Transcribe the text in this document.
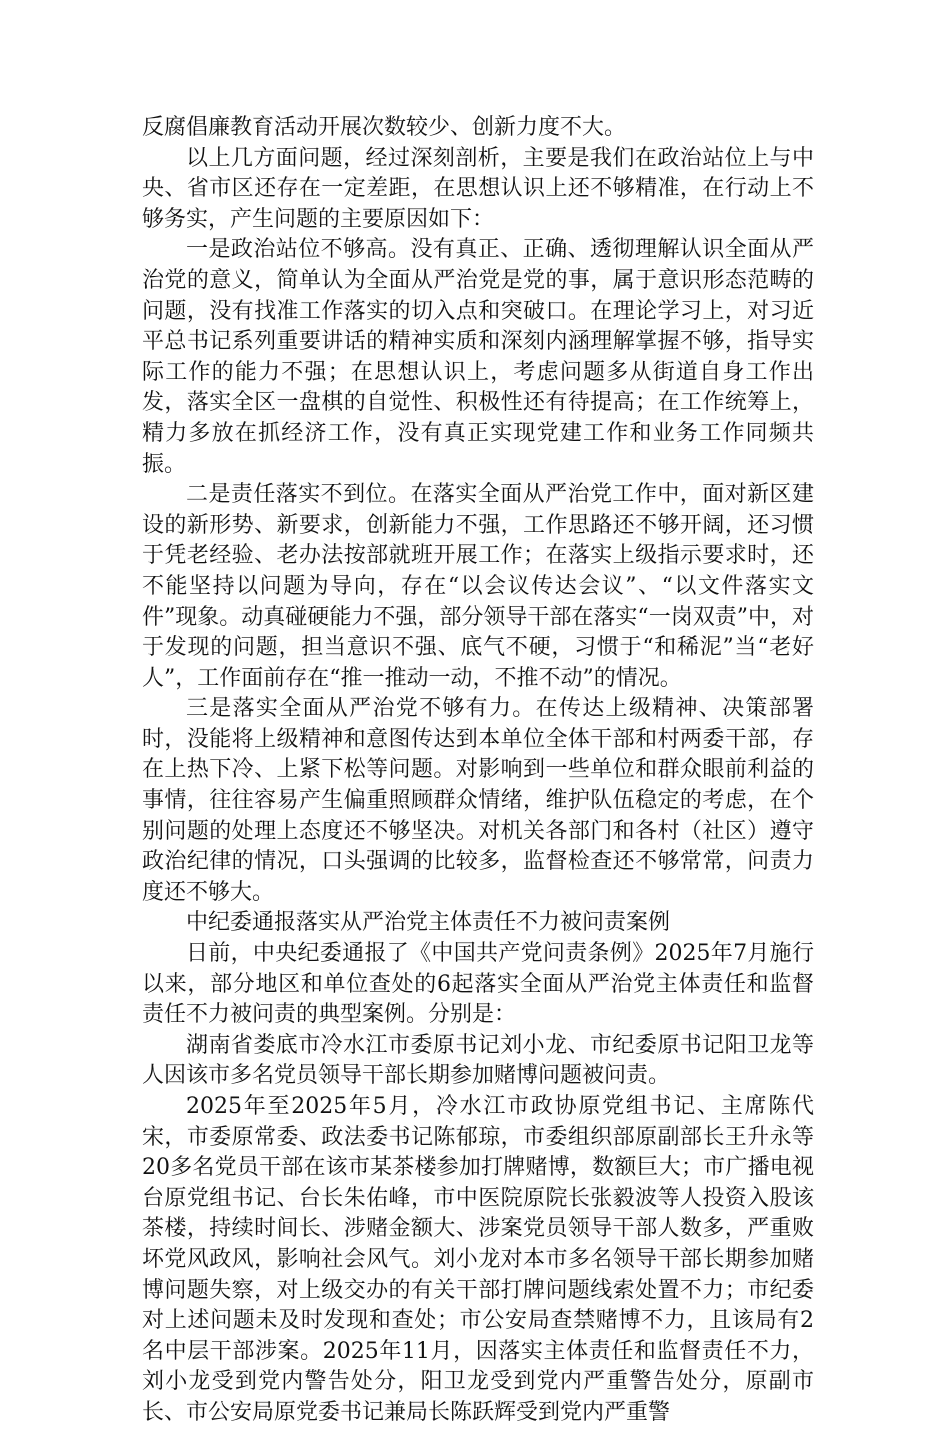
反腐倡廉教育活动开展次数较少、创新力度不大。

以上几方面问题，经过深刻剖析，主要是我们在政治站位上与中央、省市区还存在一定差距，在思想认识上还不够精准，在行动上不够务实，产生问题的主要原因如下：

一是政治站位不够高。没有真正、正确、透彻理解认识全面从严治党的意义，简单认为全面从严治党是党的事，属于意识形态范畴的问题，没有找准工作落实的切入点和突破口。在理论学习上，对习近平总书记系列重要讲话的精神实质和深刻内涵理解掌握不够，指导实际工作的能力不强；在思想认识上，考虑问题多从街道自身工作出发，落实全区一盘棋的自觉性、积极性还有待提高；在工作统筹上，精力多放在抓经济工作，没有真正实现党建工作和业务工作同频共振。

二是责任落实不到位。在落实全面从严治党工作中，面对新区建设的新形势、新要求，创新能力不强，工作思路还不够开阔，还习惯于凭老经验、老办法按部就班开展工作；在落实上级指示要求时，还不能坚持以问题为导向，存在“以会议传达会议”、“以文件落实文件”现象。动真碰硬能力不强，部分领导干部在落实“一岗双责”中，对于发现的问题，担当意识不强、底气不硬，习惯于“和稀泥”当“老好人”，工作面前存在“推一推动一动，不推不动”的情况。

三是落实全面从严治党不够有力。在传达上级精神、决策部署时，没能将上级精神和意图传达到本单位全体干部和村两委干部，存在上热下冷、上紧下松等问题。对影响到一些单位和群众眼前利益的事情，往往容易产生偏重照顾群众情绪，维护队伍稳定的考虑，在个别问题的处理上态度还不够坚决。对机关各部门和各村（社区）遵守政治纪律的情况，口头强调的比较多，监督检查还不够常常，问责力度还不够大。

中纪委通报落实从严治党主体责任不力被问责案例

日前，中央纪委通报了《中国共产党问责条例》2025年7月施行以来，部分地区和单位查处的6起落实全面从严治党主体责任和监督责任不力被问责的典型案例。分别是：

湖南省娄底市冷水江市委原书记刘小龙、市纪委原书记阳卫龙等人因该市多名党员领导干部长期参加赌博问题被问责。

2025年至2025年5月，冷水江市政协原党组书记、主席陈代宋，市委原常委、政法委书记陈郁琼，市委组织部原副部长王升永等20多名党员干部在该市某茶楼参加打牌赌博，数额巨大；市广播电视台原党组书记、台长朱佑峰，市中医院原院长张毅波等人投资入股该茶楼，持续时间长、涉赌金额大、涉案党员领导干部人数多，严重败坏党风政风，影响社会风气。刘小龙对本市多名领导干部长期参加赌博问题失察，对上级交办的有关干部打牌问题线索处置不力；市纪委对上述问题未及时发现和查处；市公安局查禁赌博不力，且该局有2名中层干部涉案。2025年11月，因落实主体责任和监督责任不力，刘小龙受到党内警告处分，阳卫龙受到党内严重警告处分，原副市长、市公安局原党委书记兼局长陈跃辉受到党内严重警
